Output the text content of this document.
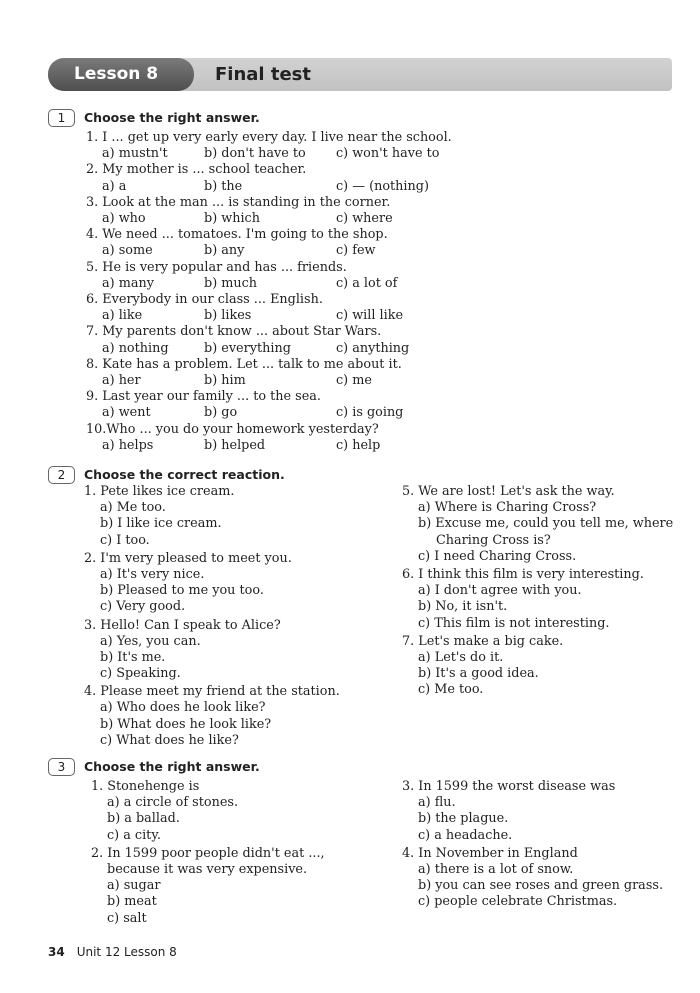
Lesson 8	Final test
1	Choose the right answer.
1.
I ... get up very early every day. I live near the school.
a) mustn't	b) don't have to c) won't have to
2.
My mother is ... school teacher.
a) a	b) the	c) — (nothing)
3.
Look at the man ... is standing in the corner.
a) who	b) which	c) where
4.
We need ... tomatoes. I'm going to the shop.
a) some	b) any	c) few
5.
He is very popular and has ... friends.
a) many	b) much	c) a lot of
6.
Everybody in our class ... English.
a) like	b) likes	c) will like
7.
My parents don't know ... about Star Wars.
a) nothing	b) everything	c) anything
8.
Kate has a problem. Let ... talk to me about it.
a) her	b) him	c) me
9.
Last year our family ... to the sea.
a) went	b) go	c) is going
10. Who ... you do your homework yesterday?
a) helps	b) helped	c) help
2	Choose the correct reaction.
1. Pete likes ice cream.
a) Me too.
b) I like ice cream.
c) I too.
2. I'm very pleased to meet you.
a) It's very nice.
b) Pleased to me you too.
c) Very good.
3. Hello! Can I speak to Alice?
a) Yes, you can.
b) It's me.
c) Speaking.
4. Please meet my friend at the station.
a) Who does he look like?
b) What does he look like?
c) What does he like?
5. We are lost! Let's ask the way.
a) Where is Charing Cross?
b) Excuse me, could you tell me, where
Charing Cross is?
c) I need Charing Cross.
6. I think this film is very interesting.
a) I don't agree with you.
b) No, it isn't.
c) This film is not interesting.
7. Let's make a big cake.
a) Let's do it.
b) It's a good idea.
c) Me too.
3	Choose the right answer.
1. Stonehenge is
a) a circle of stones.
b) a ballad.
c) a city.
2. In 1599 poor people didn't eat ...,
because it was very expensive.
a) sugar
b) meat
c) salt
3. In 1599 the worst disease was
a) flu.
b) the plague.
c) a headache.
4. In November in England
a) there is a lot of snow.
b) you can see roses and green grass.
c) people celebrate Christmas.
34 Unit 12 Lesson 8
